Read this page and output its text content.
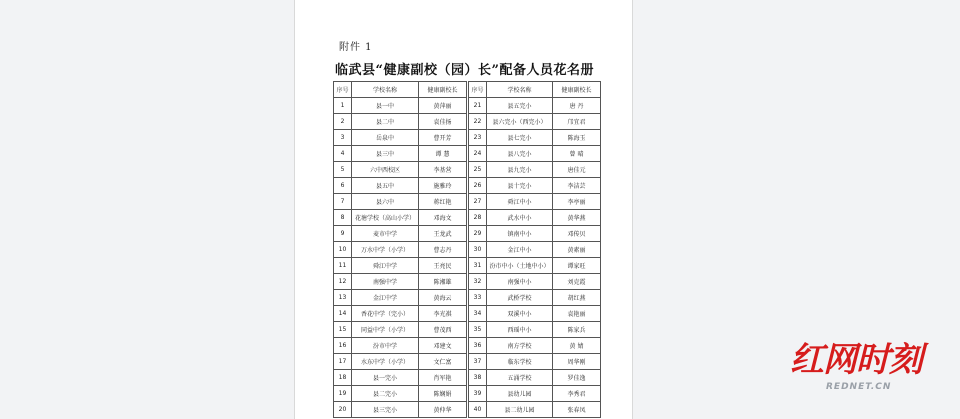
附件 1
临武县“健康副校（园）长”配备人员花名册
序号	学校名称	健康副校长
1	县一中	黄萍丽
2	县二中	袁佳扬
3	岳泉中	曹开芳
4	县三中	谭 慧
5	六中西校区	李基营
6	县五中	施雅玲
7	县六中	蒋红艳
8	花塘学校（高山小学）	邓海文
9	麦市中学	王龙武
10	万水中学（小学）	曹志丹
11	舜江中学	王亮民
12	南强中学	陈湘雄
13	金江中学	黄海云
14	香花中学（完小）	李光祺
15	同益中学（小学）	曹茂西
16	汾市中学	邓建文
17	水东中学（小学）	文仁富
18	县一完小	肖军艳
19	县二完小	陈娴娟
20	县三完小	黄仲华
序号	学校名称	健康副校长
21	县五完小	唐 丹
22	县六完小（西完小）	邝宜君
23	县七完小	陈海玉
24	县八完小	曾 晴
25	县九完小	唐佳元
26	县十完小	李洁芸
27	舜江中小	李亭丽
28	武水中小	黄华燕
29	镇南中小	邓传贝
30	金江中小	黄素丽
31	汾市中小（土地中小）	谭家旺
32	南强中小	刘克霞
33	武桥学校	胡红燕
34	双溪中小	袁艳丽
35	西瑶中小	陈家兵
36	南方学校	黄 婧
37	临东学校	周华刚
38	五涌学校	罗佳逸
39	县幼儿园	李秀君
40	县二幼儿园	张春凤
红网时刻
REDNET.CN
